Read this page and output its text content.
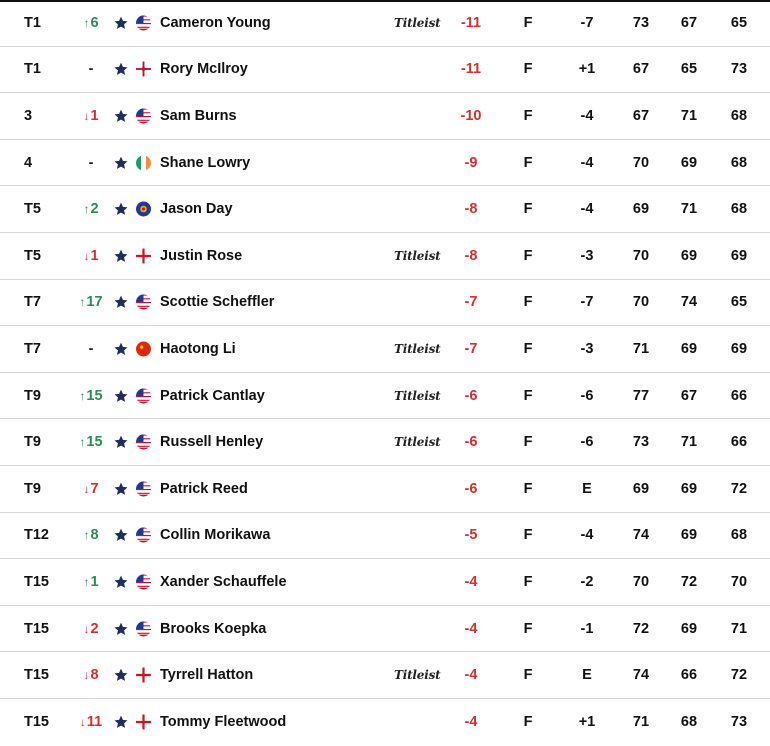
T1	↑6	Cameron Young	Titleist	-11	F	-7	73	67	65
T1	-	Rory McIlroy	-11	F	+1	67	65	73
3	↓1	Sam Burns	-10	F	-4	67	71	68
4	-	Shane Lowry	-9	F	-4	70	69	68
T5	↑2	Jason Day	-8	F	-4	69	71	68
T5	↓1	Justin Rose	Titleist	-8	F	-3	70	69	69
T7	↑17	Scottie Scheffler	-7	F	-7	70	74	65
T7	-	Haotong Li	Titleist	-7	F	-3	71	69	69
T9	↑15	Patrick Cantlay	Titleist	-6	F	-6	77	67	66
T9	↑15	Russell Henley	Titleist	-6	F	-6	73	71	66
T9	↓7	Patrick Reed	-6	F	E	69	69	72
T12	↑8	Collin Morikawa	-5	F	-4	74	69	68
T15	↑1	Xander Schauffele	-4	F	-2	70	72	70
T15	↓2	Brooks Koepka	-4	F	-1	72	69	71
T15	↓8	Tyrrell Hatton	Titleist	-4	F	E	74	66	72
T15	↓11	Tommy Fleetwood	-4	F	+1	71	68	73
